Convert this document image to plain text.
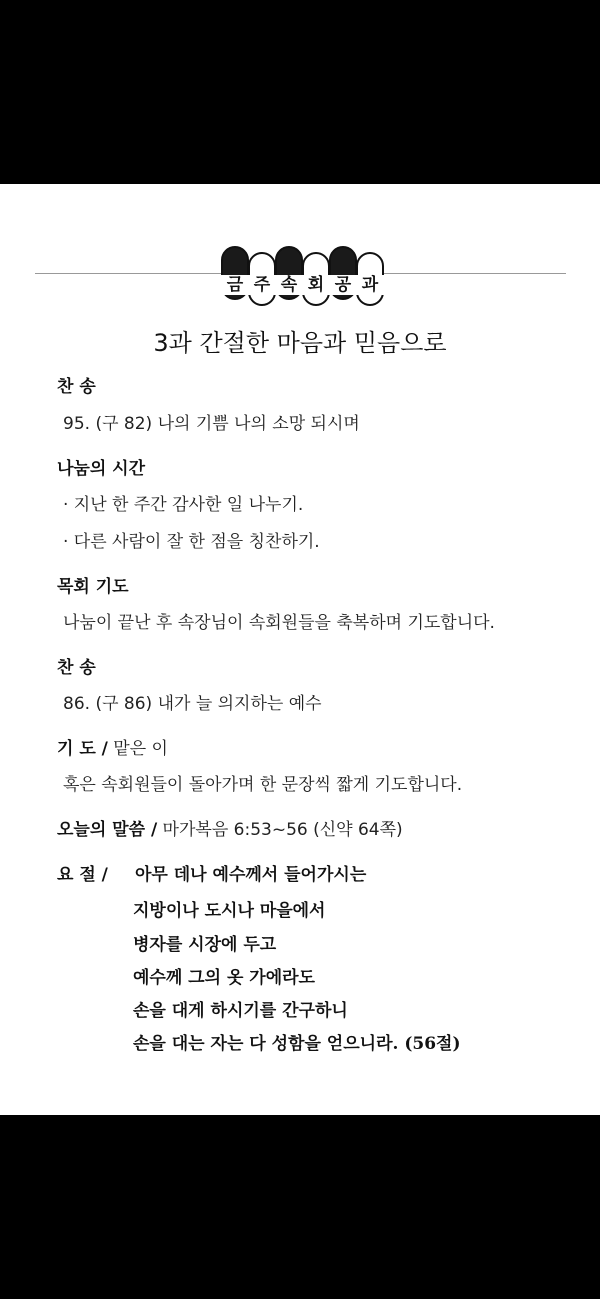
금 주 속 회 공 과
3과 간절한 마음과 믿음으로
찬 송
95. (구 82) 나의 기쁨 나의 소망 되시며
나눔의 시간
· 지난 한 주간 감사한 일 나누기.
· 다른 사람이 잘 한 점을 칭찬하기.
목회 기도
나눔이 끝난 후 속장님이 속회원들을 축복하며 기도합니다.
찬 송
86. (구 86) 내가 늘 의지하는 예수
기 도 / 맡은 이
혹은 속회원들이 돌아가며 한 문장씩 짧게 기도합니다.
오늘의 말씀 / 마가복음 6:53~56 (신약 64쪽)
요 절 / 아무 데나 예수께서 들어가시는
지방이나 도시나 마을에서
병자를 시장에 두고
예수께 그의 옷 가에라도
손을 대게 하시기를 간구하니
손을 대는 자는 다 성함을 얻으니라. (56절)
